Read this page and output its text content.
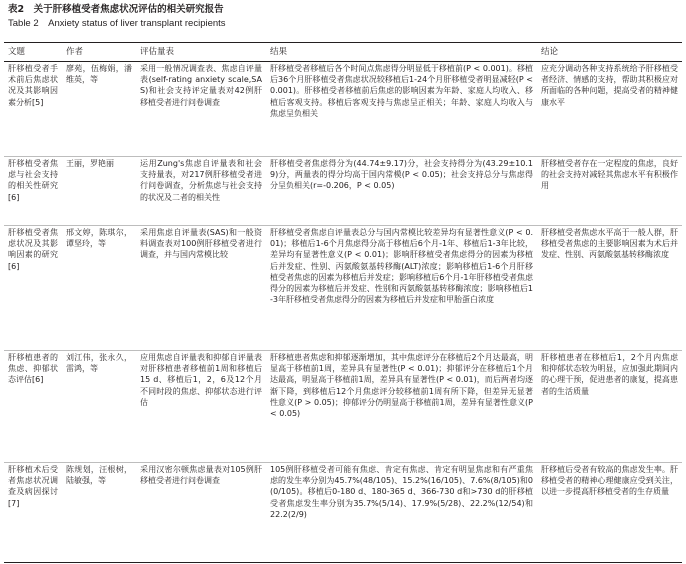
表2　关于肝移植受者焦虑状况评估的相关研究报告
Table 2　Anxiety status of liver transplant recipients
文题	作者	评估量表	结果	结论
肝移植受者手术前后焦虑状况及其影响因素分析[5]	廖苑，伍梅娟，潘维英，等	采用一般情况调查表、焦虑自评量表(self-rating anxiety scale,SAS)和社会支持评定量表对42例肝移植受者进行问卷调查	肝移植受者移植后各个时间点焦虑得分明显低于移植前(P < 0.001)。移植后36个月肝移植受者焦虑状况较移植后1-24个月肝移植受者明显减轻(P < 0.001)。肝移植受者移植前后焦虑的影响因素为年龄、家庭人均收入、移植后客观支持。移植后客观支持与焦虑呈正相关；年龄、家庭人均收入与焦虑呈负相关	应充分调动各种支持系统给予肝移植受者经济、情感的支持，帮助其积极应对所面临的各种问题，提高受者的精神健康水平
肝移植受者焦虑与社会支持的相关性研究[6]	王丽，罗艳丽	运用Zung's焦虑自评量表和社会支持量表，对217例肝移植受者进行问卷调查，分析焦虑与社会支持的状况及二者的相关性	肝移植受者焦虑得分为(44.74±9.17)分，社会支持得分为(43.29±10.19)分，两量表的得分均高于国内常模(P < 0.05)；社会支持总分与焦虑得分呈负相关(r=-0.206，P < 0.05)	肝移植受者存在一定程度的焦虑，良好的社会支持对减轻其焦虑水平有积极作用
肝移植受者焦虑状况及其影响因素的研究[6]	邢文婷，陈琪尔，谭坚玲，等	采用焦虑自评量表(SAS)和一般资料调查表对100例肝移植受者进行调查，并与国内常模比较	肝移植受者焦虑自评量表总分与国内常模比较差异均有显著性意义(P < 0.01)；移植后1-6个月焦虑得分高于移植后6个月-1年、移植后1-3年比较，差异均有显著性意义(P < 0.01)；影响肝移植受者焦虑得分的因素为移植后并发症、性别、丙氨酸氨基转移酶(ALT)浓度；影响移植后1-6个月肝移植受者焦虑的因素为移植后并发症；影响移植后6个月-1年肝移植受者焦虑得分的因素为移植后并发症、性别和丙氨酸氨基转移酶浓度；影响移植后1-3年肝移植受者焦虑得分的因素为移植后并发症和甲胎蛋白浓度	肝移植受者焦虑水平高于一般人群，肝移植受者焦虑的主要影响因素为术后并发症、性别、丙氨酸氨基转移酶浓度
肝移植患者的焦虑、抑郁状态评估[6]	刘江伟，张永久，雷鸿，等	应用焦虑自评量表和抑郁自评量表对肝移植患者移植前1周和移植后15 d、移植后1，2，6及12个月不同时段的焦虑、抑郁状态进行评估	肝移植患者焦虑和抑郁逐渐增加，其中焦虑评分在移植后2个月达最高，明显高于移植前1周，差异具有显著性(P < 0.01)；抑郁评分在移植后1个月达最高，明显高于移植前1周，差异具有显著性(P < 0.01)，而后两者均逐渐下降，到移植后12个月焦虑评分较移植前1周有所下降，但差异无显著性意义(P > 0.05)；抑郁评分仍明显高于移植前1周，差异有显著性意义(P < 0.05)	肝移植患者在移植后1，2个月内焦虑和抑郁状态较为明显，应加强此期间内的心理干预，促进患者的康复，提高患者的生活质量
肝移植术后受者焦虑状况调查及病因探讨[7]	陈规划，汪根树，陆敏强，等	采用汉密尔顿焦虑量表对105例肝移植受者进行问卷调查	105例肝移植受者可能有焦虑、肯定有焦虑、肯定有明显焦虑和有严重焦虑的发生率分别为45.7%(48/105)、15.2%(16/105)、7.6%(8/105)和0(0/105)。移植后0-180 d、180-365 d、366-730 d和>730 d的肝移植受者焦虑发生率分别为35.7%(5/14)、17.9%(5/28)、22.2%(12/54)和22.2(2/9)	肝移植后受者有较高的焦虑发生率。肝移植受者的精神心理健康应受到关注，以进一步提高肝移植受者的生存质量
